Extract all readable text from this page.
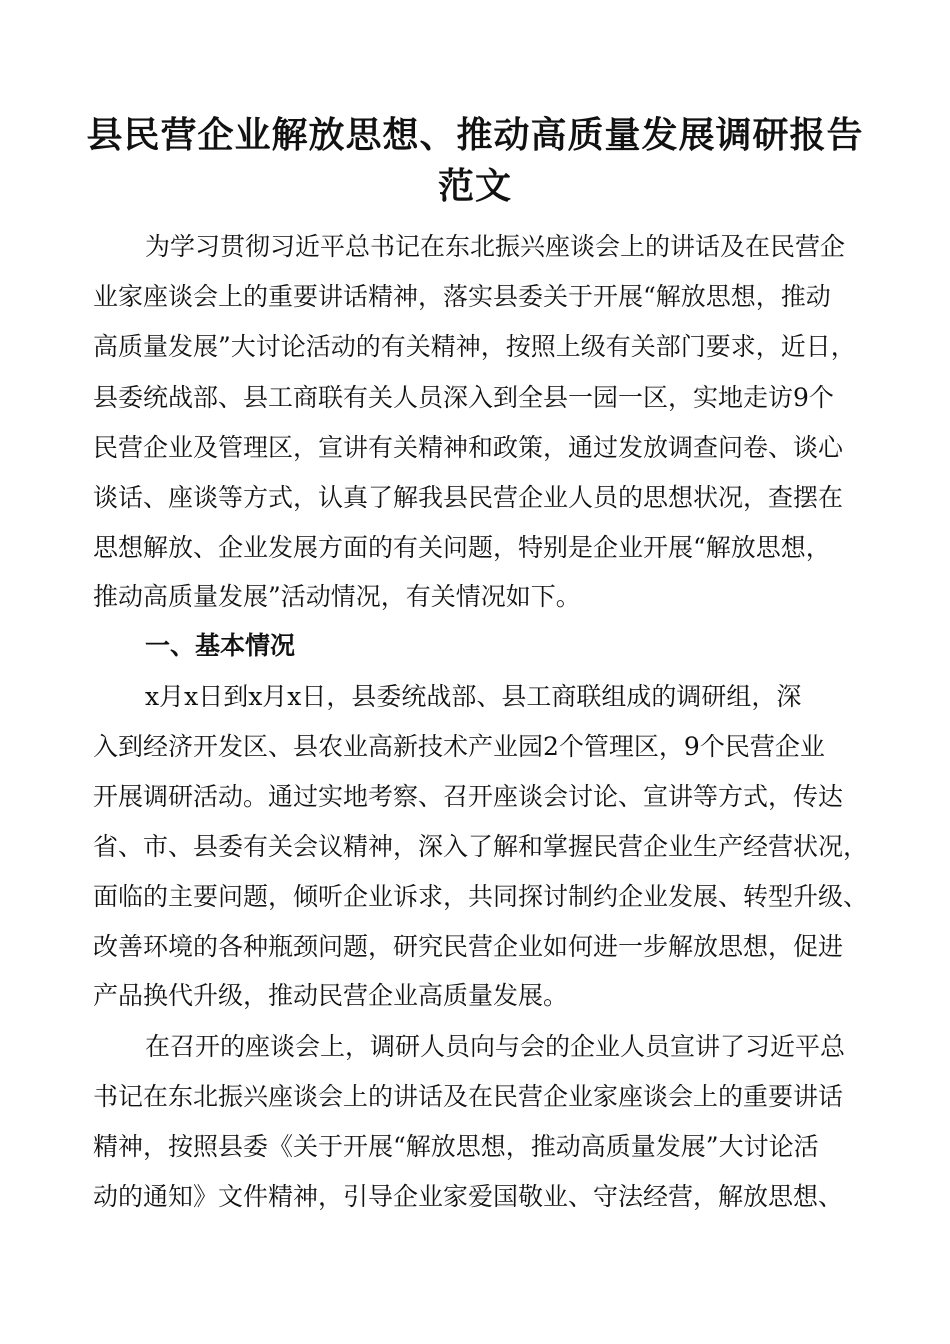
县民营企业解放思想、推动高质量发展调研报告
范文
为学习贯彻习近平总书记在东北振兴座谈会上的讲话及在民营企
业家座谈会上的重要讲话精神，落实县委关于开展“解放思想，推动
高质量发展”大讨论活动的有关精神，按照上级有关部门要求，近日，
县委统战部、县工商联有关人员深入到全县一园一区，实地走访9个
民营企业及管理区，宣讲有关精神和政策，通过发放调查问卷、谈心
谈话、座谈等方式，认真了解我县民营企业人员的思想状况，查摆在
思想解放、企业发展方面的有关问题，特别是企业开展“解放思想，
推动高质量发展”活动情况，有关情况如下。
一、基本情况
x月x日到x月x日，县委统战部、县工商联组成的调研组，深
入到经济开发区、县农业高新技术产业园2个管理区，9个民营企业
开展调研活动。通过实地考察、召开座谈会讨论、宣讲等方式，传达
省、市、县委有关会议精神，深入了解和掌握民营企业生产经营状况，
面临的主要问题，倾听企业诉求，共同探讨制约企业发展、转型升级、
改善环境的各种瓶颈问题，研究民营企业如何进一步解放思想，促进
产品换代升级，推动民营企业高质量发展。
在召开的座谈会上，调研人员向与会的企业人员宣讲了习近平总
书记在东北振兴座谈会上的讲话及在民营企业家座谈会上的重要讲话
精神，按照县委《关于开展“解放思想，推动高质量发展”大讨论活
动的通知》文件精神，引导企业家爱国敬业、守法经营，解放思想、
